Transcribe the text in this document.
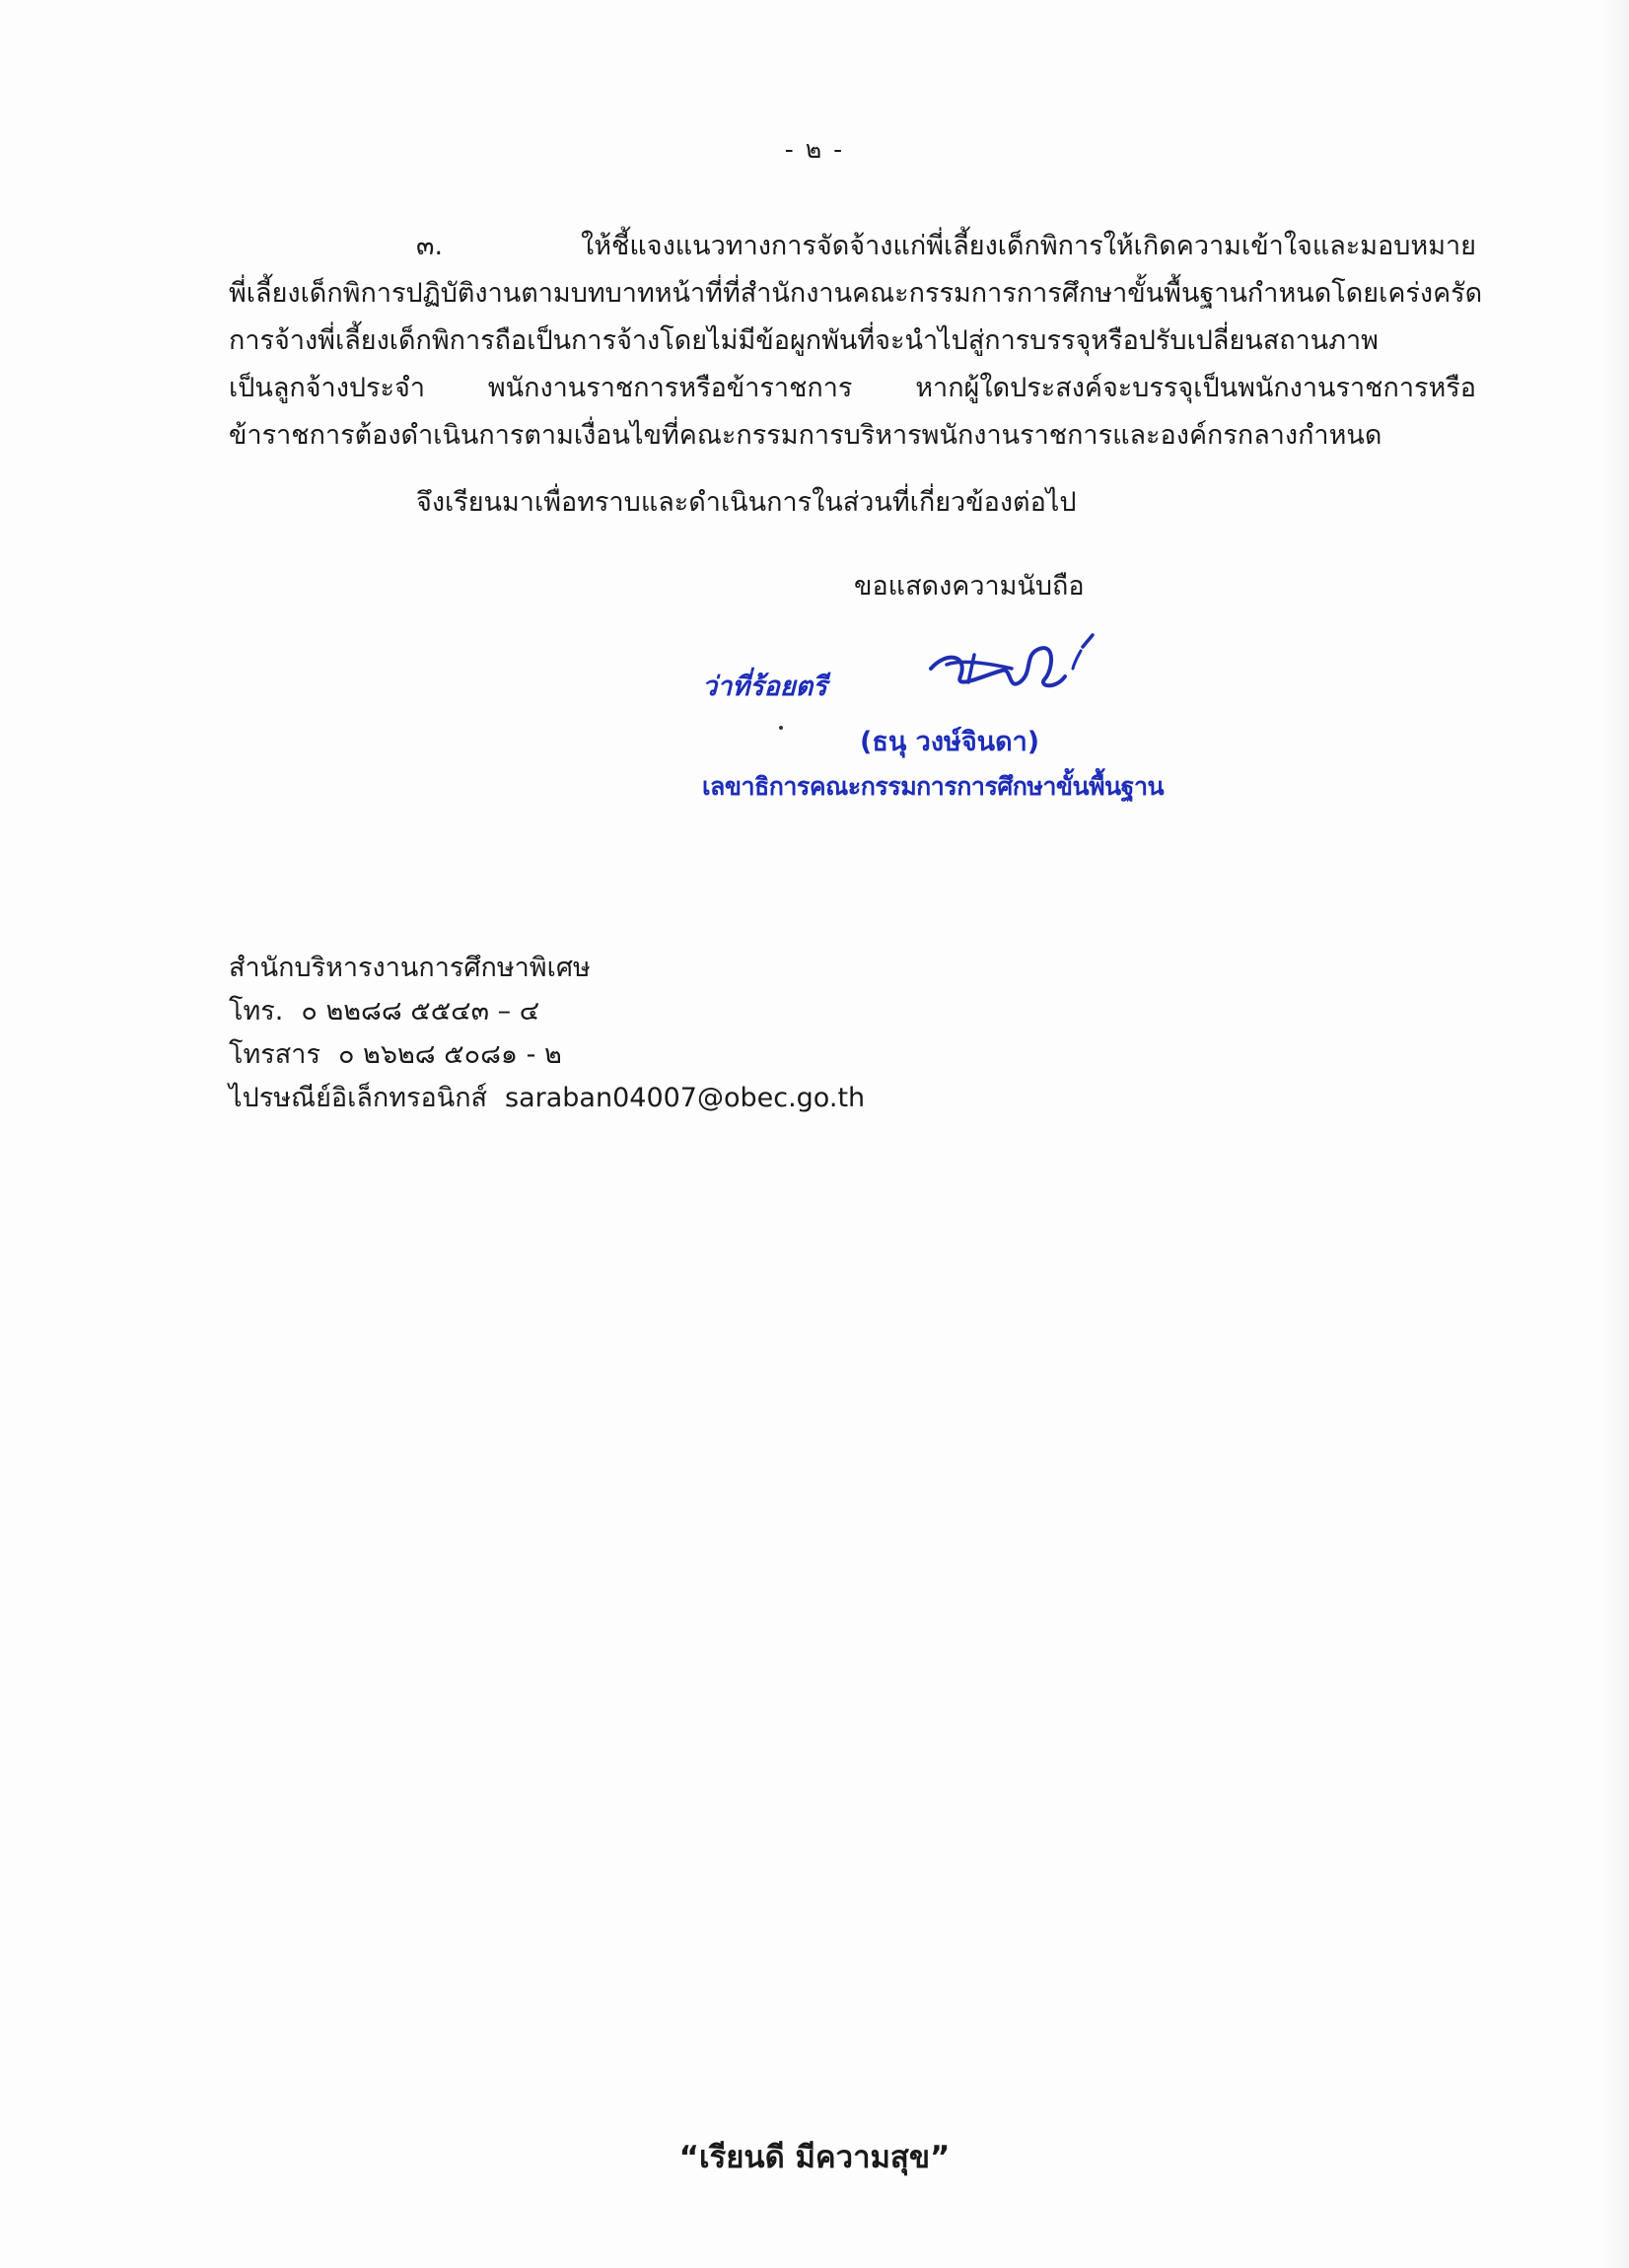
- ๒ -
๓. ให้ชี้แจงแนวทางการจัดจ้างแก่พี่เลี้ยงเด็กพิการให้เกิดความเข้าใจและมอบหมาย
พี่เลี้ยงเด็กพิการปฏิบัติงานตามบทบาทหน้าที่ที่สำนักงานคณะกรรมการการศึกษาขั้นพื้นฐานกำหนดโดยเคร่งครัด
การจ้างพี่เลี้ยงเด็กพิการถือเป็นการจ้างโดยไม่มีข้อผูกพันที่จะนำไปสู่การบรรจุหรือปรับเปลี่ยนสถานภาพ
เป็นลูกจ้างประจำ พนักงานราชการหรือข้าราชการ หากผู้ใดประสงค์จะบรรจุเป็นพนักงานราชการหรือ
ข้าราชการต้องดำเนินการตามเงื่อนไขที่คณะกรรมการบริหารพนักงานราชการและองค์กรกลางกำหนด
จึงเรียนมาเพื่อทราบและดำเนินการในส่วนที่เกี่ยวข้องต่อไป
ขอแสดงความนับถือ
ว่าที่ร้อยตรี
(ธนุ วงษ์จินดา)
เลขาธิการคณะกรรมการการศึกษาขั้นพื้นฐาน
สำนักบริหารงานการศึกษาพิเศษ
โทร. ๐ ๒๒๘๘ ๕๕๔๓ – ๔
โทรสาร ๐ ๒๖๒๘ ๕๐๘๑ - ๒
ไปรษณีย์อิเล็กทรอนิกส์ saraban04007@obec.go.th
“เรียนดี มีความสุข”
